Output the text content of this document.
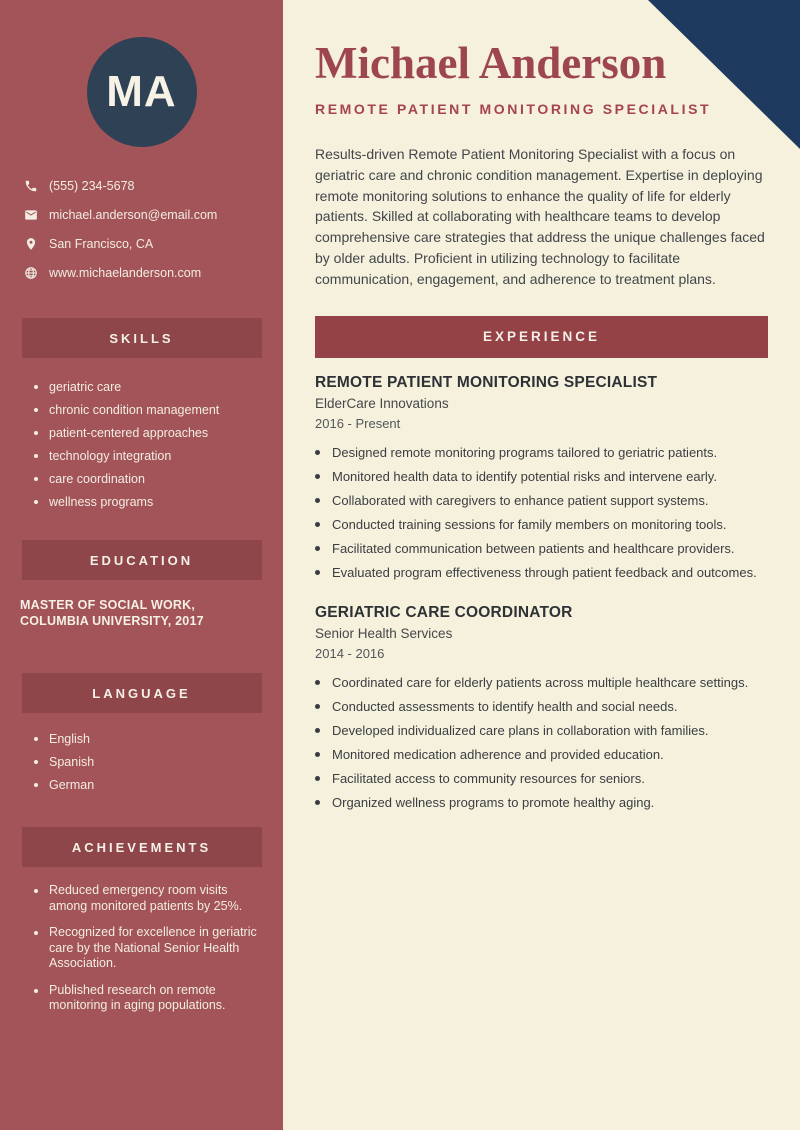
MA
(555) 234-5678
michael.anderson@email.com
San Francisco, CA
www.michaelanderson.com
SKILLS
geriatric care
chronic condition management
patient-centered approaches
technology integration
care coordination
wellness programs
EDUCATION
MASTER OF SOCIAL WORK, COLUMBIA UNIVERSITY, 2017
LANGUAGE
English
Spanish
German
ACHIEVEMENTS
Reduced emergency room visits among monitored patients by 25%.
Recognized for excellence in geriatric care by the National Senior Health Association.
Published research on remote monitoring in aging populations.
Michael Anderson
REMOTE PATIENT MONITORING SPECIALIST

Results-driven Remote Patient Monitoring Specialist with a focus on geriatric care and chronic condition management. Expertise in deploying remote monitoring solutions to enhance the quality of life for elderly patients. Skilled at collaborating with healthcare teams to develop comprehensive care strategies that address the unique challenges faced by older adults. Proficient in utilizing technology to facilitate communication, engagement, and adherence to treatment plans.

EXPERIENCE
REMOTE PATIENT MONITORING SPECIALIST
ElderCare Innovations
2016 - Present
Designed remote monitoring programs tailored to geriatric patients.
Monitored health data to identify potential risks and intervene early.
Collaborated with caregivers to enhance patient support systems.
Conducted training sessions for family members on monitoring tools.
Facilitated communication between patients and healthcare providers.
Evaluated program effectiveness through patient feedback and outcomes.
GERIATRIC CARE COORDINATOR
Senior Health Services
2014 - 2016
Coordinated care for elderly patients across multiple healthcare settings.
Conducted assessments to identify health and social needs.
Developed individualized care plans in collaboration with families.
Monitored medication adherence and provided education.
Facilitated access to community resources for seniors.
Organized wellness programs to promote healthy aging.
